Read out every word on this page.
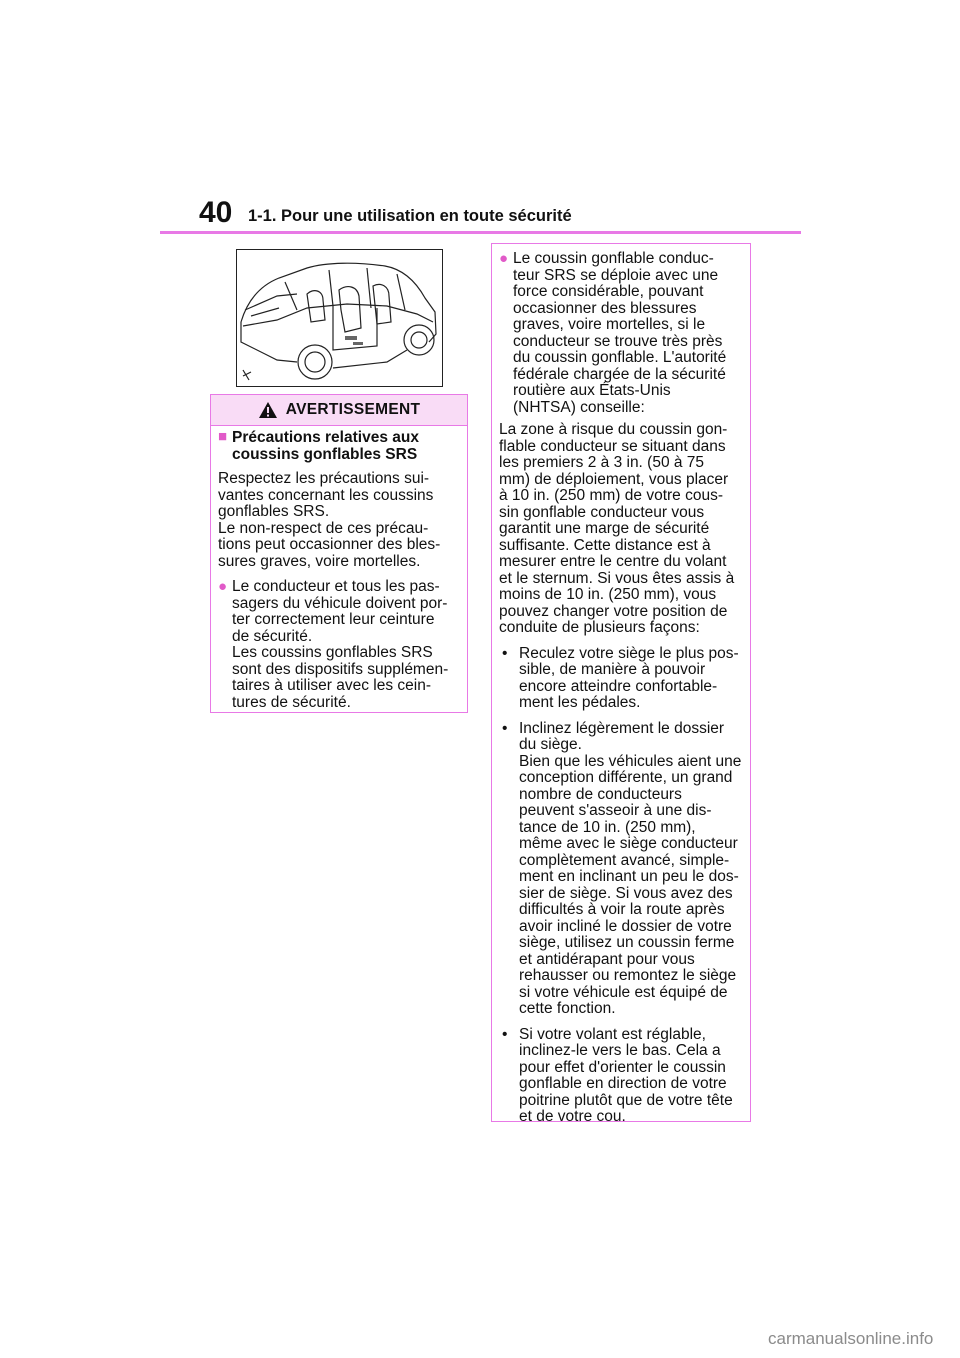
40 1-1. Pour une utilisation en toute sécurité
AVERTISSEMENT
■ Précautions relatives aux
coussins gonflables SRS
Respectez les précautions sui-
vantes concernant les coussins
gonflables SRS.
Le non-respect de ces précau-
tions peut occasionner des bles-
sures graves, voire mortelles.
● Le conducteur et tous les pas-
sagers du véhicule doivent por-
ter correctement leur ceinture
de sécurité.
Les coussins gonflables SRS
sont des dispositifs supplémen-
taires à utiliser avec les cein-
tures de sécurité.
● Le coussin gonflable conduc-
teur SRS se déploie avec une
force considérable, pouvant
occasionner des blessures
graves, voire mortelles, si le
conducteur se trouve très près
du coussin gonflable. L'autorité
fédérale chargée de la sécurité
routière aux États-Unis
(NHTSA) conseille:
La zone à risque du coussin gon-
flable conducteur se situant dans
les premiers 2 à 3 in. (50 à 75
mm) de déploiement, vous placer
à 10 in. (250 mm) de votre cous-
sin gonflable conducteur vous
garantit une marge de sécurité
suffisante. Cette distance est à
mesurer entre le centre du volant
et le sternum. Si vous êtes assis à
moins de 10 in. (250 mm), vous
pouvez changer votre position de
conduite de plusieurs façons:
• Reculez votre siège le plus pos-
sible, de manière à pouvoir
encore atteindre confortable-
ment les pédales.
• Inclinez légèrement le dossier
du siège.
Bien que les véhicules aient une
conception différente, un grand
nombre de conducteurs
peuvent s'asseoir à une dis-
tance de 10 in. (250 mm),
même avec le siège conducteur
complètement avancé, simple-
ment en inclinant un peu le dos-
sier de siège. Si vous avez des
difficultés à voir la route après
avoir incliné le dossier de votre
siège, utilisez un coussin ferme
et antidérapant pour vous
rehausser ou remontez le siège
si votre véhicule est équipé de
cette fonction.
• Si votre volant est réglable,
inclinez-le vers le bas. Cela a
pour effet d'orienter le coussin
gonflable en direction de votre
poitrine plutôt que de votre tête
et de votre cou.
carmanualsonline.info
